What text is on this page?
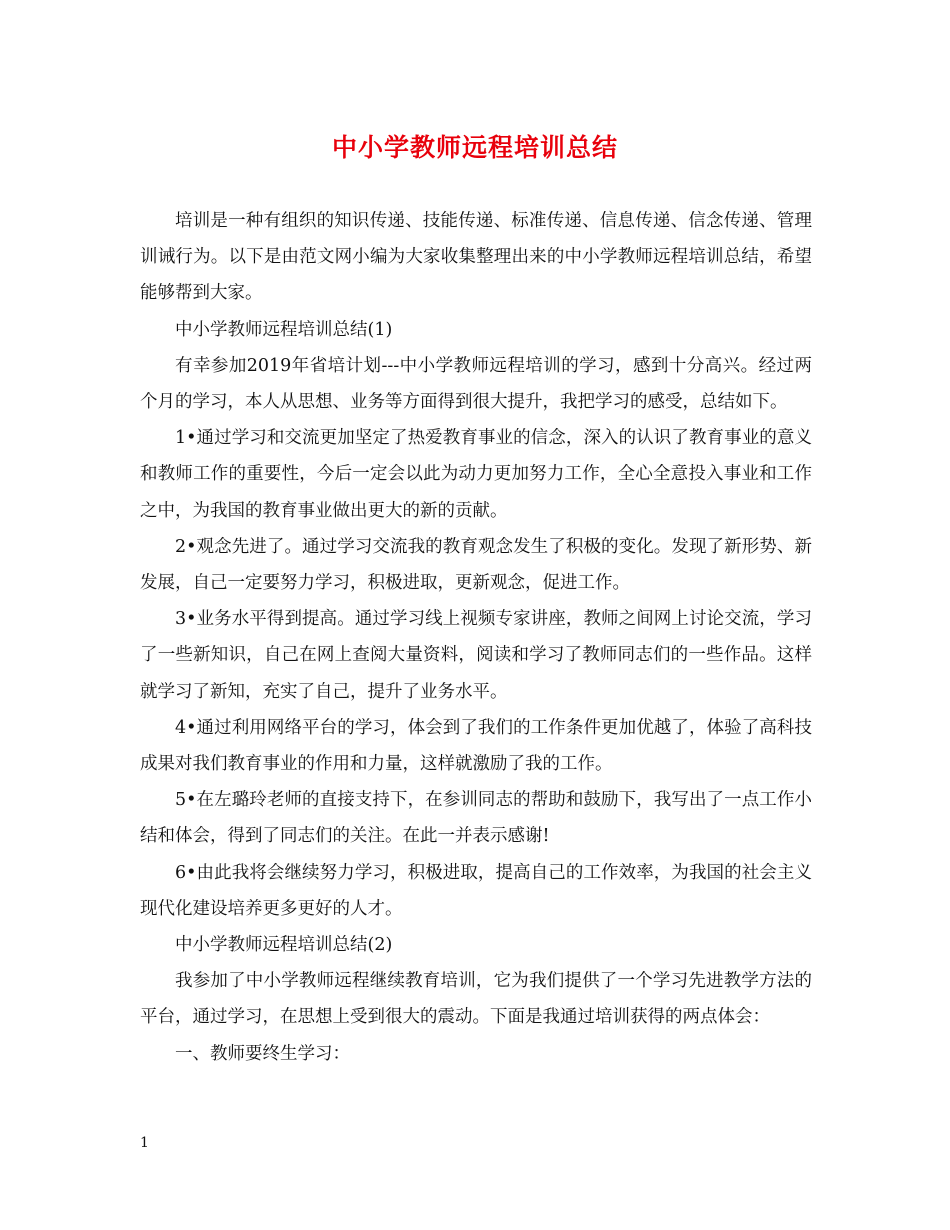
中小学教师远程培训总结

培训是一种有组织的知识传递、技能传递、标准传递、信息传递、信念传递、管理训诫行为。以下是由范文网小编为大家收集整理出来的中小学教师远程培训总结，希望能够帮到大家。

中小学教师远程培训总结(1)

有幸参加2019年省培计划---中小学教师远程培训的学习，感到十分高兴。经过两个月的学习，本人从思想、业务等方面得到很大提升，我把学习的感受，总结如下。

1•通过学习和交流更加坚定了热爱教育事业的信念，深入的认识了教育事业的意义和教师工作的重要性，今后一定会以此为动力更加努力工作，全心全意投入事业和工作之中，为我国的教育事业做出更大的新的贡献。

2•观念先进了。通过学习交流我的教育观念发生了积极的变化。发现了新形势、新发展，自己一定要努力学习，积极进取，更新观念，促进工作。

3•业务水平得到提高。通过学习线上视频专家讲座，教师之间网上讨论交流，学习了一些新知识，自己在网上查阅大量资料，阅读和学习了教师同志们的一些作品。这样就学习了新知，充实了自己，提升了业务水平。

4•通过利用网络平台的学习，体会到了我们的工作条件更加优越了，体验了高科技成果对我们教育事业的作用和力量，这样就激励了我的工作。

5•在左璐玲老师的直接支持下，在参训同志的帮助和鼓励下，我写出了一点工作小结和体会，得到了同志们的关注。在此一并表示感谢!

6•由此我将会继续努力学习，积极进取，提高自己的工作效率，为我国的社会主义现代化建设培养更多更好的人才。

中小学教师远程培训总结(2)

我参加了中小学教师远程继续教育培训，它为我们提供了一个学习先进教学方法的平台，通过学习，在思想上受到很大的震动。下面是我通过培训获得的两点体会：

一、教师要终生学习：

1
